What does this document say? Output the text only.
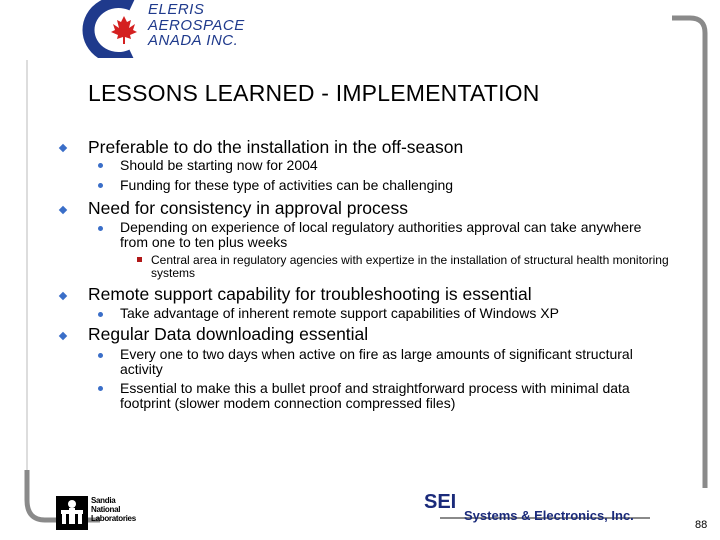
ELERIS
AEROSPACE
ANADA INC.
LESSONS LEARNED - IMPLEMENTATION
Preferable to do the installation in the off-season
Should be starting now for 2004
Funding for these type of activities can be challenging
Need for consistency in approval process
Depending on experience of local regulatory authorities approval can take anywhere from one to ten plus weeks
Central area in regulatory agencies with expertize in the installation of structural health monitoring systems
Remote support capability for troubleshooting is essential
Take advantage of inherent remote support capabilities of Windows XP
Regular Data downloading essential
Every one to two days when active on fire as large amounts of significant structural activity
Essential to make this a bullet proof and straightforward process with minimal data footprint (slower modem connection compressed files)
Sandia
National
Laboratories
SEI
Systems & Electronics, Inc.
88
